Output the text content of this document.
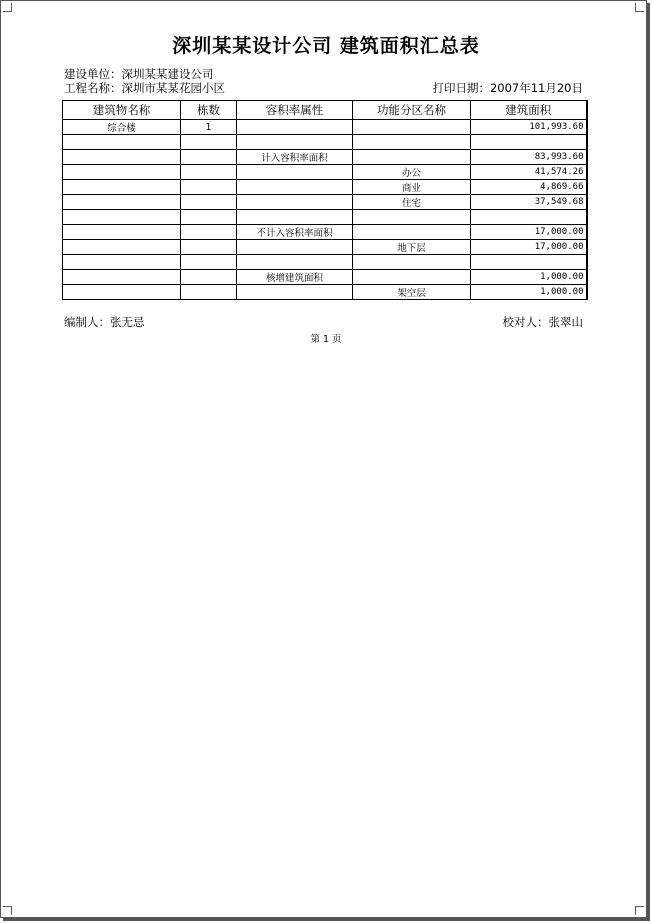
深圳某某设计公司 建筑面积汇总表
建设单位：深圳某某建设公司
工程名称：深圳市某某花园小区	打印日期：2007年11月20日
建筑物名称	栋数	容积率属性	功能分区名称	建筑面积
综合楼	1			101,993.60

		计入容积率面积		83,993.60
			办公	41,574.26
			商业	4,869.66
			住宅	37,549.68

		不计入容积率面积		17,000.00
			地下层	17,000.00

		核增建筑面积		1,000.00
			架空层	1,000.00
编制人：张无忌	校对人：张翠山
第 1 页
